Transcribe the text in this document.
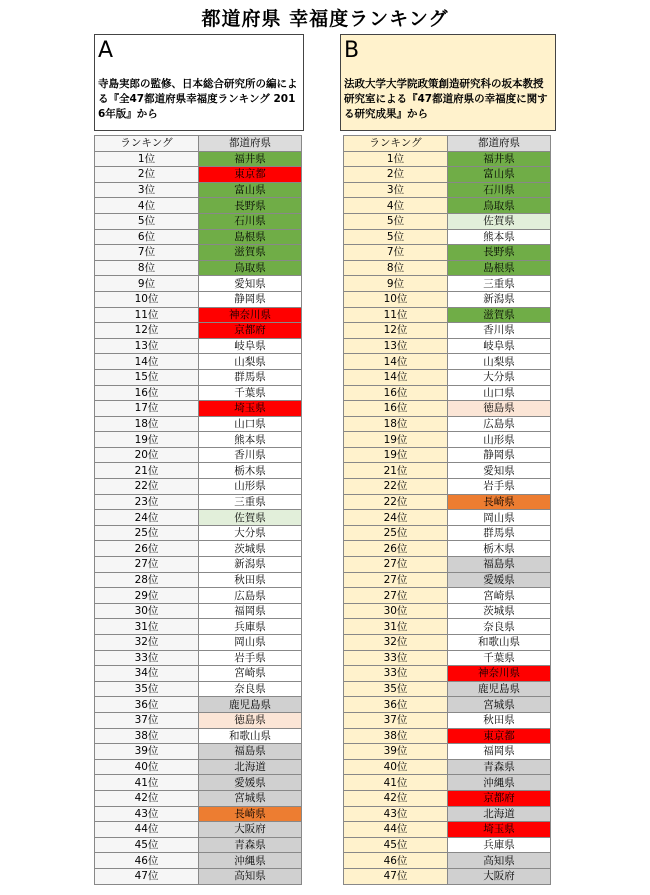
都道府県 幸福度ランキング
A
寺島実郎の監修、日本総合研究所の編による『全47都道府県幸福度ランキング 2016年版』から
B
法政大学大学院政策創造研究科の坂本教授研究室による『47都道府県の幸福度に関する研究成果』から
ランキング	都道府県
1位	福井県
2位	東京都
3位	富山県
4位	長野県
5位	石川県
6位	島根県
7位	滋賀県
8位	鳥取県
9位	愛知県
10位	静岡県
11位	神奈川県
12位	京都府
13位	岐阜県
14位	山梨県
15位	群馬県
16位	千葉県
17位	埼玉県
18位	山口県
19位	熊本県
20位	香川県
21位	栃木県
22位	山形県
23位	三重県
24位	佐賀県
25位	大分県
26位	茨城県
27位	新潟県
28位	秋田県
29位	広島県
30位	福岡県
31位	兵庫県
32位	岡山県
33位	岩手県
34位	宮崎県
35位	奈良県
36位	鹿児島県
37位	徳島県
38位	和歌山県
39位	福島県
40位	北海道
41位	愛媛県
42位	宮城県
43位	長崎県
44位	大阪府
45位	青森県
46位	沖縄県
47位	高知県
ランキング	都道府県
1位	福井県
2位	富山県
3位	石川県
4位	鳥取県
5位	佐賀県
5位	熊本県
7位	長野県
8位	島根県
9位	三重県
10位	新潟県
11位	滋賀県
12位	香川県
13位	岐阜県
14位	山梨県
14位	大分県
16位	山口県
16位	徳島県
18位	広島県
19位	山形県
19位	静岡県
21位	愛知県
22位	岩手県
22位	長崎県
24位	岡山県
25位	群馬県
26位	栃木県
27位	福島県
27位	愛媛県
27位	宮崎県
30位	茨城県
31位	奈良県
32位	和歌山県
33位	千葉県
33位	神奈川県
35位	鹿児島県
36位	宮城県
37位	秋田県
38位	東京都
39位	福岡県
40位	青森県
41位	沖縄県
42位	京都府
43位	北海道
44位	埼玉県
45位	兵庫県
46位	高知県
47位	大阪府
